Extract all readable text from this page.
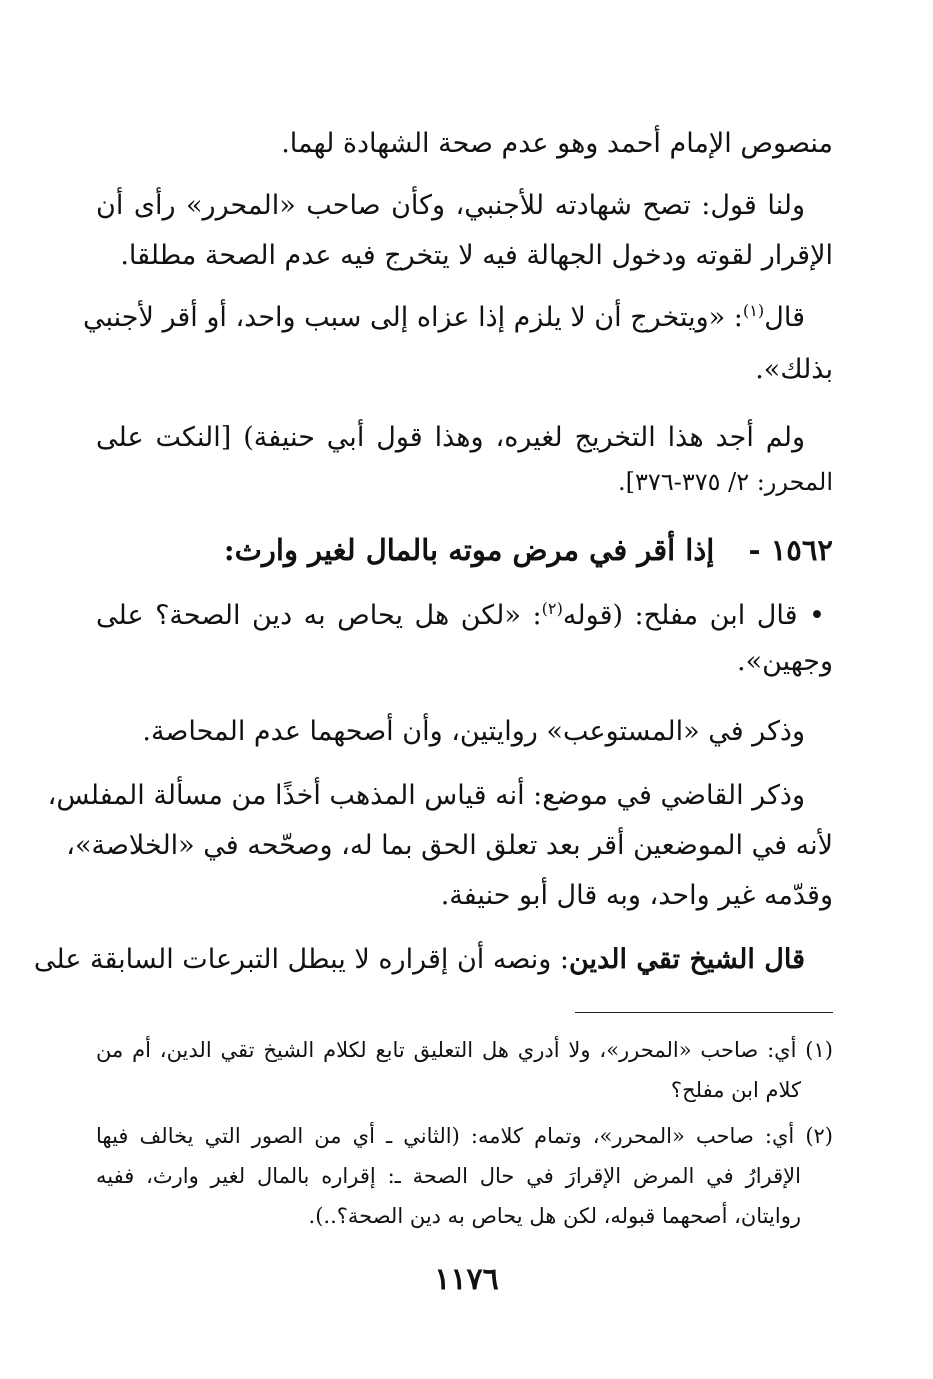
منصوص الإمام أحمد وهو عدم صحة الشهادة لهما.
ولنا قول: تصح شهادته للأجنبي، وكأن صاحب «المحرر» رأى أن
الإقرار لقوته ودخول الجهالة فيه لا يتخرج فيه عدم الصحة مطلقا.
قال$^{(١)}$: «ويتخرج أن لا يلزم إذا عزاه إلى سبب واحد، أو أقر لأجنبي
بذلك».
ولم أجد هذا التخريج لغيره، وهذا قول أبي حنيفة) [النكت على
المحرر: ٢/ ٣٧٥-٣٧٦].
١٥٦٢ -  إذا أقر في مرض موته بالمال لغير وارث:
• قال ابن مفلح: (قوله$^{(٢)}$: «لكن هل يحاص به دين الصحة؟ على
وجهين».
وذكر في «المستوعب» روايتين، وأن أصحهما عدم المحاصة.
وذكر القاضي في موضع: أنه قياس المذهب أخذًا من مسألة المفلس،
لأنه في الموضعين أقر بعد تعلق الحق بما له، وصحّحه في «الخلاصة»،
وقدّمه غير واحد، وبه قال أبو حنيفة.
قال الشيخ تقي الدين: ونصه أن إقراره لا يبطل التبرعات السابقة على
(١) أي: صاحب «المحرر»، ولا أدري هل التعليق تابع لكلام الشيخ تقي الدين، أم من
كلام ابن مفلح؟
(٢) أي: صاحب «المحرر»، وتمام كلامه: (الثاني ـ أي من الصور التي يخالف فيها
الإقرارُ في المرض الإقرارَ في حال الصحة ـ: إقراره بالمال لغير وارث، ففيه
روايتان، أصحهما قبوله، لكن هل يحاص به دين الصحة؟..).
١١٧٦
